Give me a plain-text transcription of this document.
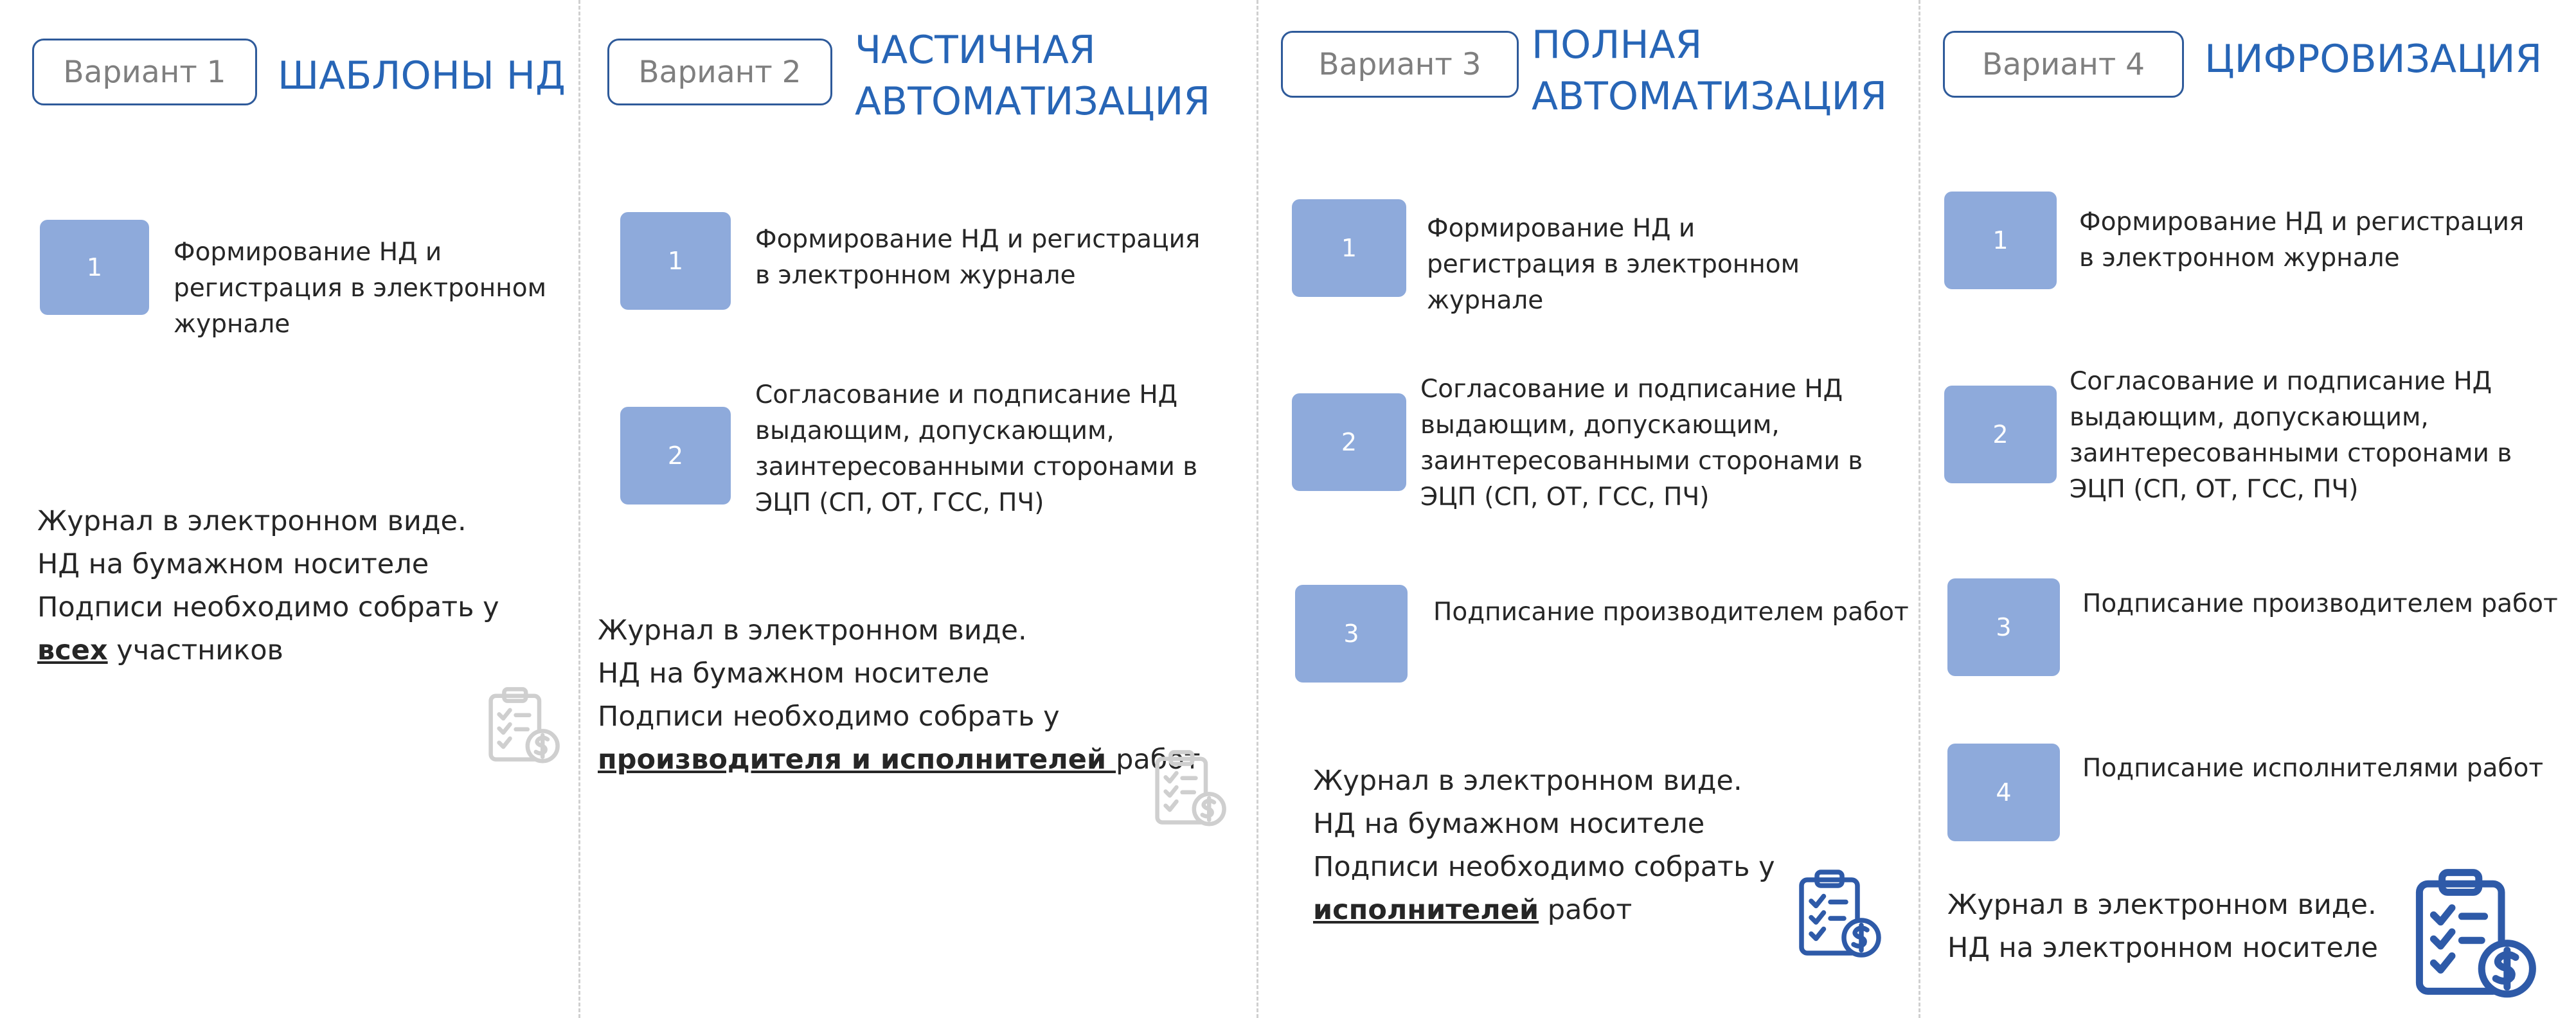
Вариант 1	ШАБЛОНЫ НД
1
Формирование НД и
регистрация в электронном
журнале
Журнал в электронном виде.
НД на бумажном носителе
Подписи необходимо собрать у
всех участников
Вариант 2	ЧАСТИЧНАЯ
АВТОМАТИЗАЦИЯ
1
Формирование НД и регистрация
в электронном журнале
2
Согласование и подписание НД
выдающим, допускающим,
заинтересованными сторонами в
ЭЦП (СП, ОТ, ГСС, ПЧ)
Журнал в электронном виде.
НД на бумажном носителе
Подписи необходимо собрать у
производителя и исполнителей работ
Вариант 3	ПОЛНАЯ
АВТОМАТИЗАЦИЯ
1
Формирование НД и
регистрация в электронном
журнале
2
Согласование и подписание НД
выдающим, допускающим,
заинтересованными сторонами в
ЭЦП (СП, ОТ, ГСС, ПЧ)
3
Подписание производителем работ
Журнал в электронном виде.
НД на бумажном носителе
Подписи необходимо собрать у
исполнителей работ
Вариант 4	ЦИФРОВИЗАЦИЯ
1
Формирование НД и регистрация
в электронном журнале
2
Согласование и подписание НД
выдающим, допускающим,
заинтересованными сторонами в
ЭЦП (СП, ОТ, ГСС, ПЧ)
3
Подписание производителем работ
4
Подписание исполнителями работ
Журнал в электронном виде.
НД на электронном носителе
